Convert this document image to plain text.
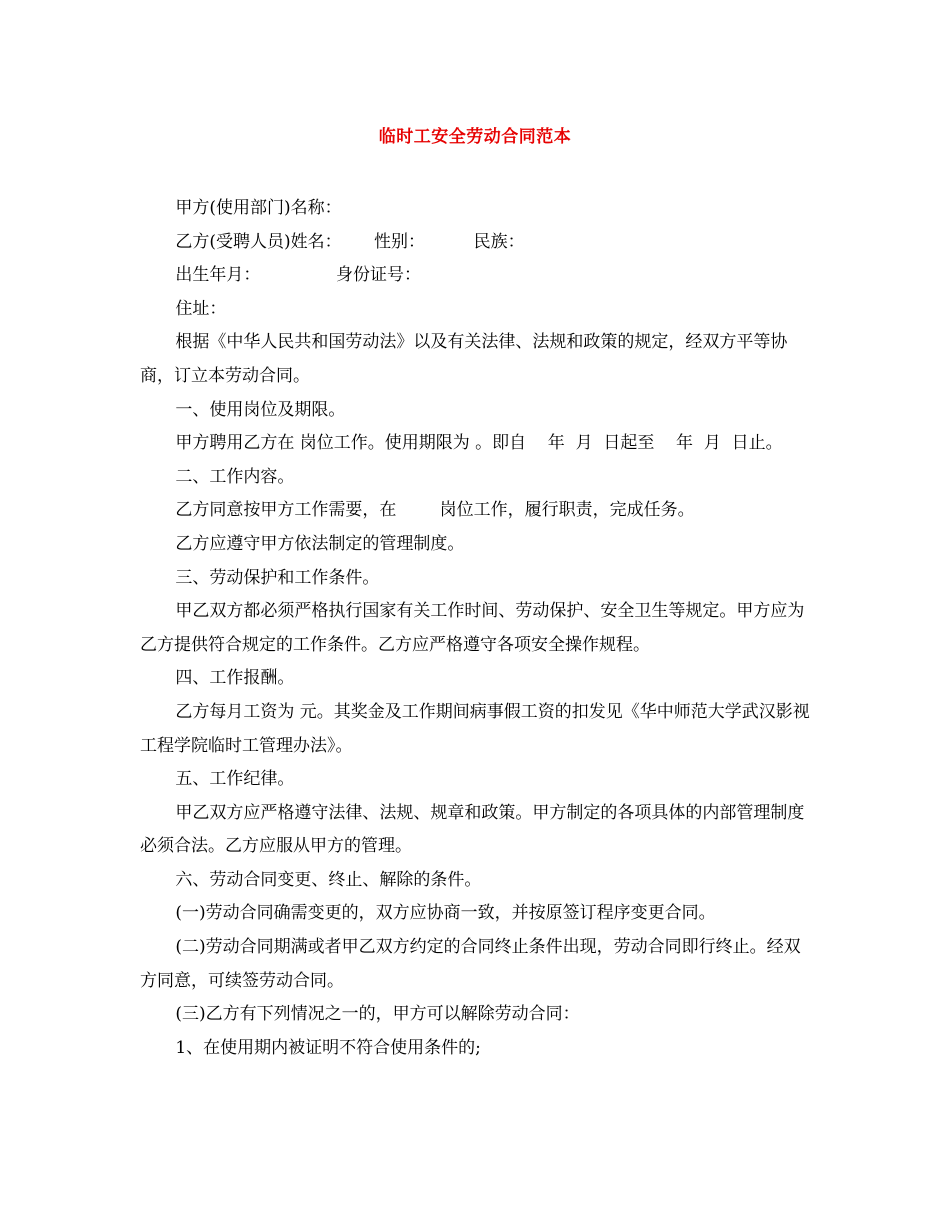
临时工安全劳动合同范本

甲方(使用部门)名称：

乙方(受聘人员)姓名：      性别：         民族：

出生年月：              身份证号：

住址：

根据《中华人民共和国劳动法》以及有关法律、法规和政策的规定，经双方平等协商，订立本劳动合同。

一、使用岗位及期限。

甲方聘用乙方在 岗位工作。使用期限为 。即自    年  月  日起至    年  月  日止。

二、工作内容。

乙方同意按甲方工作需要，在        岗位工作，履行职责，完成任务。

乙方应遵守甲方依法制定的管理制度。

三、劳动保护和工作条件。

甲乙双方都必须严格执行国家有关工作时间、劳动保护、安全卫生等规定。甲方应为乙方提供符合规定的工作条件。乙方应严格遵守各项安全操作规程。

四、工作报酬。

乙方每月工资为 元。其奖金及工作期间病事假工资的扣发见《华中师范大学武汉影视工程学院临时工管理办法》。

五、工作纪律。

甲乙双方应严格遵守法律、法规、规章和政策。甲方制定的各项具体的内部管理制度必须合法。乙方应服从甲方的管理。

六、劳动合同变更、终止、解除的条件。

(一)劳动合同确需变更的，双方应协商一致，并按原签订程序变更合同。

(二)劳动合同期满或者甲乙双方约定的合同终止条件出现，劳动合同即行终止。经双方同意，可续签劳动合同。

(三)乙方有下列情况之一的，甲方可以解除劳动合同：

1、在使用期内被证明不符合使用条件的;
